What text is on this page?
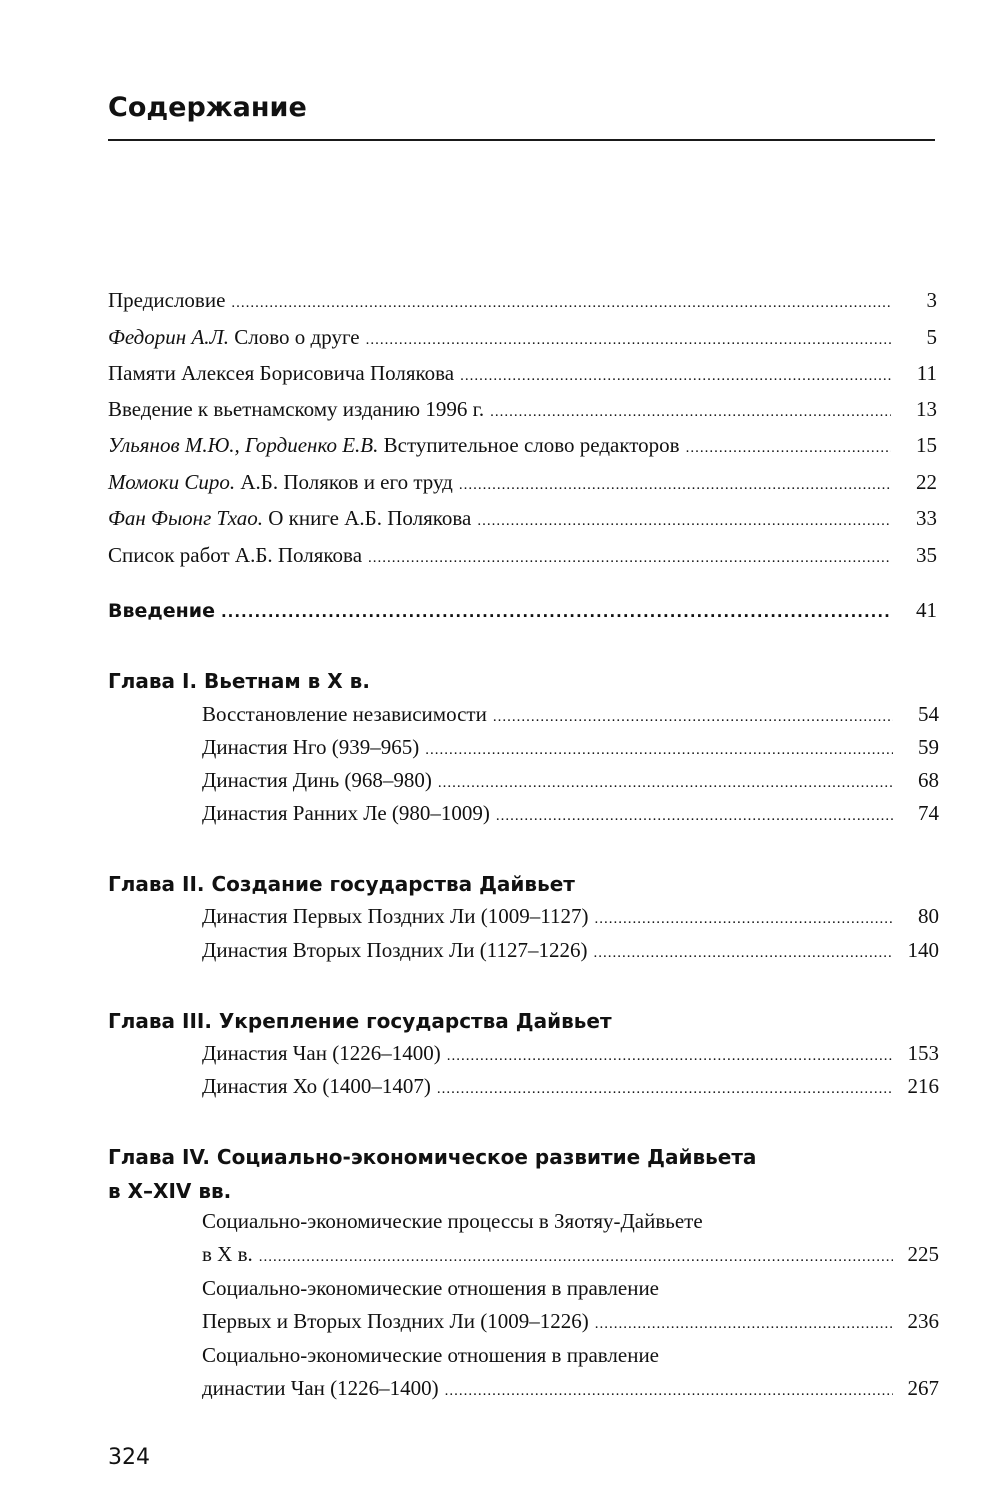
Содержание
Предисловие .....	3
Федорин А.Л. Слово о друге .....	5
Памяти Алексея Борисовича Полякова .....	11
Введение к вьетнамскому изданию 1996 г. .....	13
Ульянов М.Ю., Гордиенко Е.В. Вступительное слово редакторов .....	15
Момоки Сиро. А.Б. Поляков и его труд .....	22
Фан Фыонг Тхао. О книге А.Б. Полякова .....	33
Список работ А.Б. Полякова .....	35
Введение .....	41
Глава I. Вьетнам в X в.
Восстановление независимости .....	54
Династия Нго (939–965) .....	59
Династия Динь (968–980) .....	68
Династия Ранних Ле (980–1009) .....	74
Глава II. Создание государства Дайвьет
Династия Первых Поздних Ли (1009–1127) .....	80
Династия Вторых Поздних Ли (1127–1226) .....	140
Глава III. Укрепление государства Дайвьет
Династия Чан (1226–1400) .....	153
Династия Хо (1400–1407) .....	216
Глава IV. Социально-экономическое развитие Дайвьета
в X–XIV вв.
Социально-экономические процессы в Зяотяу-Дайвьете
в X в. .....	225
Социально-экономические отношения в правление
Первых и Вторых Поздних Ли (1009–1226) .....	236
Социально-экономические отношения в правление
династии Чан (1226–1400) .....	267
324
